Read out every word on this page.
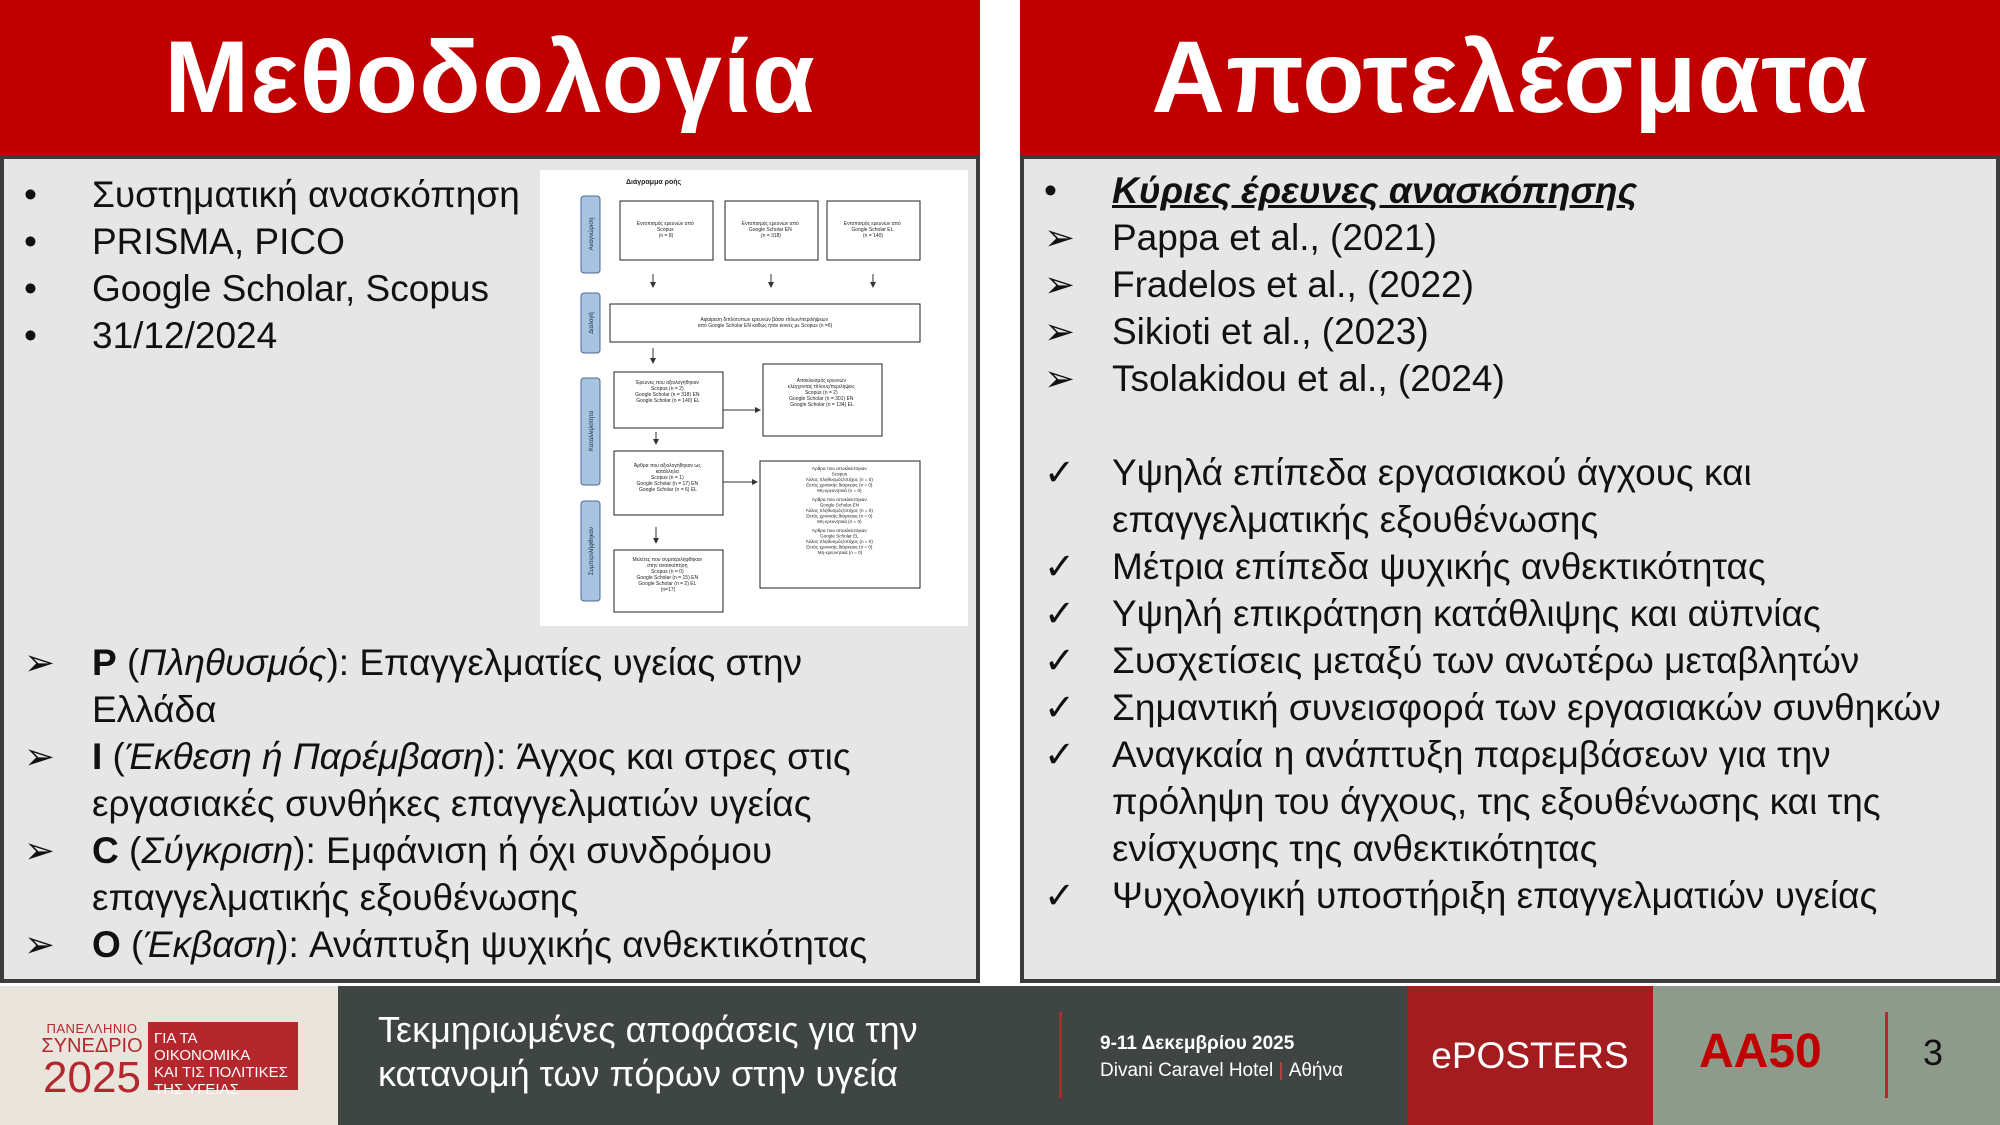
Μεθοδολογία
•	Συστηματική ανασκόπηση
•	PRISMA, PICO
•	Google Scholar, Scopus
•	31/12/2024
➢ P (Πληθυσμός): Επαγγελματίες υγείας στην
Ελλάδα
➢ I (Έκθεση ή Παρέμβαση): Άγχος και στρες στις
εργασιακές συνθήκες επαγγελματιών υγείας
➢ C (Σύγκριση): Εμφάνιση ή όχι συνδρόμου
επαγγελματικής εξουθένωσης
➢ O (Έκβαση): Ανάπτυξη ψυχικής ανθεκτικότητας
Διάγραμμα ροής
Αναγνώριση
Διαλογή
Καταλληλότητα
Συμπεριλήφθηκαν
Εντοπισμός ερευνών από Scopus (n = 8)
Εντοπισμός ερευνών από Google Scholar EN (n = 318)
Εντοπισμός ερευνών από Google Scholar EL (n = 140)
Αφαίρεση διπλότυπων ερευνών βάσει τίτλων/περιλήψεων από Google Scholar EN καθώς ήταν κοινές με Scopus (n =6)
Έρευνες που αξιολογήθηκαν Scopus (n = 2) Google Scholar (n = 318) EN Google Scholar (n = 140) EL
Αποκλεισμός ερευνών ελέγχοντας τίτλους/περιλήψεις Scopus (n = 2) Google Scholar (n = 301) EN Google Scholar (n = 134) EL
Άρθρα που αξιολογήθηκαν ως κατάλληλα Scopus (n = 1) Google Scholar (n = 17) EN Google Scholar (n = 6) EL
Άρθρα που αποκλείστηκαν Scopus Άλλος πληθυσμός/στόχος (n = 0) Εκτός χρονικής διάρκειας (n = 0) Μη-ερευνητικά (n = 0) Άρθρα που αποκλείστηκαν Google Scholar EN Άλλος πληθυσμός/στόχος (n = 0) Εκτός χρονικής διάρκειας (n = 0) Μη-ερευνητικά (n = 0) Άρθρα που αποκλείστηκαν Google Scholar EL Άλλος πληθυσμός/στόχος (n = 0) Εκτός χρονικής διάρκειας (n = 0) Μη-ερευνητικά (n = 0)
Μελέτες που συμπεριλήφθηκαν στην ανασκόπηση Scopus (n = 0) Google Scholar (n = 15) EN Google Scholar (n = 2) EL (n=17)
Αποτελέσματα
•	Κύριες έρευνες ανασκόπησης
➢ Pappa et al., (2021)
➢ Fradelos et al., (2022)
➢ Sikioti et al., (2023)
➢ Tsolakidou et al., (2024)
✓ Υψηλά επίπεδα εργασιακού άγχους και
επαγγελματικής εξουθένωσης
✓ Μέτρια επίπεδα ψυχικής ανθεκτικότητας
✓ Υψηλή επικράτηση κατάθλιψης και αϋπνίας
✓ Συσχετίσεις μεταξύ των ανωτέρω μεταβλητών
✓ Σημαντική συνεισφορά των εργασιακών συνθηκών
✓ Αναγκαία η ανάπτυξη παρεμβάσεων για την
πρόληψη του άγχους, της εξουθένωσης και της
ενίσχυσης της ανθεκτικότητας
✓ Ψυχολογική υποστήριξη επαγγελματιών υγείας
ΠΑΝΕΛΛΗΝΙΟ
ΣΥΝΕΔΡΙΟ
2025
ΓΙΑ ΤΑ ΟΙΚΟΝΟΜΙΚΑ
ΚΑΙ ΤΙΣ ΠΟΛΙΤΙΚΕΣ
ΤΗΣ ΥΓΕΙΑΣ
Τεκμηριωμένες αποφάσεις για την
κατανομή των πόρων στην υγεία
9-11 Δεκεμβρίου 2025
Divani Caravel Hotel | Αθήνα	ePOSTERS	AA50	3
